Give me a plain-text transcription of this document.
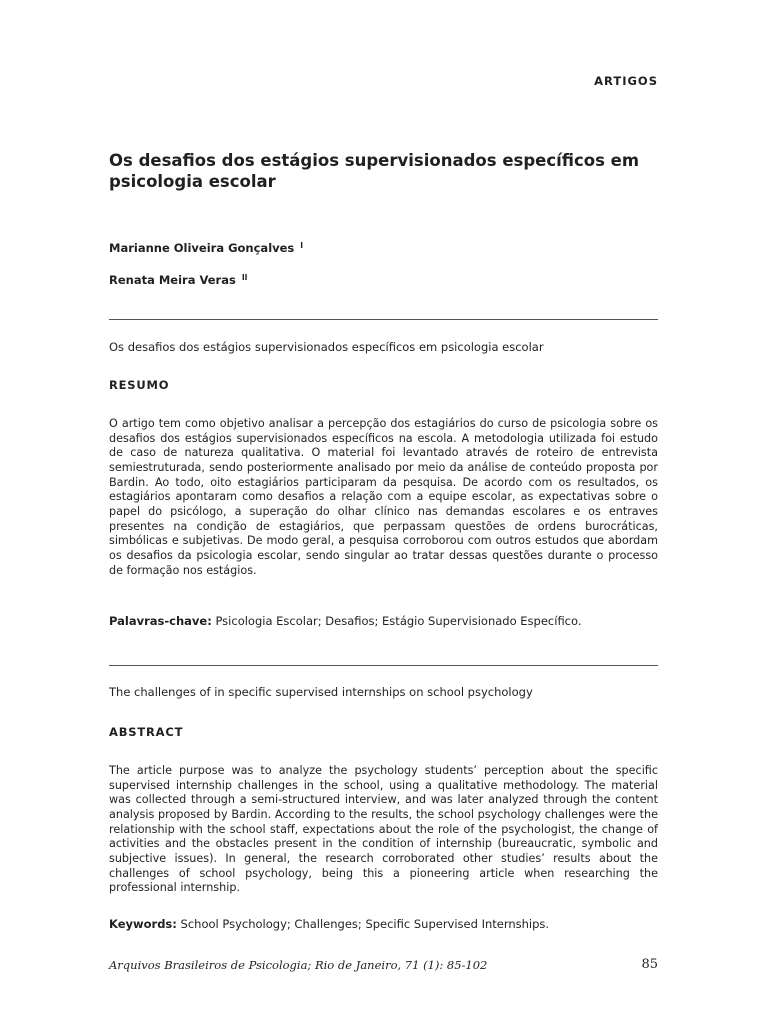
ARTIGOS
Os desafios dos estágios supervisionados específicos em psicologia escolar
Marianne Oliveira Gonçalves $^I$
Renata Meira Veras $^{II}$
Os desafios dos estágios supervisionados específicos em psicologia escolar
RESUMO

O artigo tem como objetivo analisar a percepção dos estagiários do curso de psicologia sobre os desafios dos estágios supervisionados específicos na escola. A metodologia utilizada foi estudo de caso de natureza qualitativa. O material foi levantado através de roteiro de entrevista semiestruturada, sendo posteriormente analisado por meio da análise de conteúdo proposta por Bardin. Ao todo, oito estagiários participaram da pesquisa. De acordo com os resultados, os estagiários apontaram como desafios a relação com a equipe escolar, as expectativas sobre o papel do psicólogo, a superação do olhar clínico nas demandas escolares e os entraves presentes na condição de estagiários, que perpassam questões de ordens burocráticas, simbólicas e subjetivas. De modo geral, a pesquisa corroborou com outros estudos que abordam os desafios da psicologia escolar, sendo singular ao tratar dessas questões durante o processo de formação nos estágios.

Palavras-chave: Psicologia Escolar; Desafios; Estágio Supervisionado Específico.
The challenges of in specific supervised internships on school psychology
ABSTRACT

The article purpose was to analyze the psychology students’ perception about the specific supervised internship challenges in the school, using a qualitative methodology. The material was collected through a semi-structured interview, and was later analyzed through the content analysis proposed by Bardin. According to the results, the school psychology challenges were the relationship with the school staff, expectations about the role of the psychologist, the change of activities and the obstacles present in the condition of internship (bureaucratic, symbolic and subjective issues). In general, the research corroborated other studies’ results about the challenges of school psychology, being this a pioneering article when researching the professional internship.

Keywords: School Psychology; Challenges; Specific Supervised Internships.
Arquivos Brasileiros de Psicologia; Rio de Janeiro, 71 (1): 85-102	85
